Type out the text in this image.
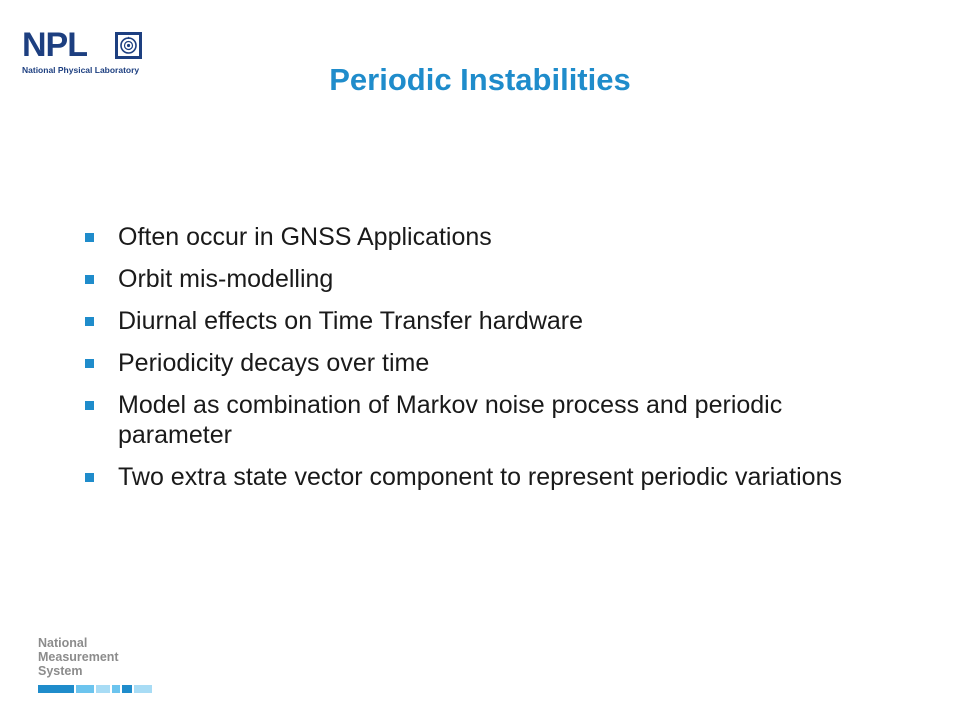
NPL
National Physical Laboratory	Periodic Instabilities
Often occur in GNSS Applications
Orbit mis-modelling
Diurnal effects on Time Transfer hardware
Periodicity decays over time
Model as combination of Markov noise process and periodic parameter
Two extra state vector component to represent periodic variations
National
Measurement
System
